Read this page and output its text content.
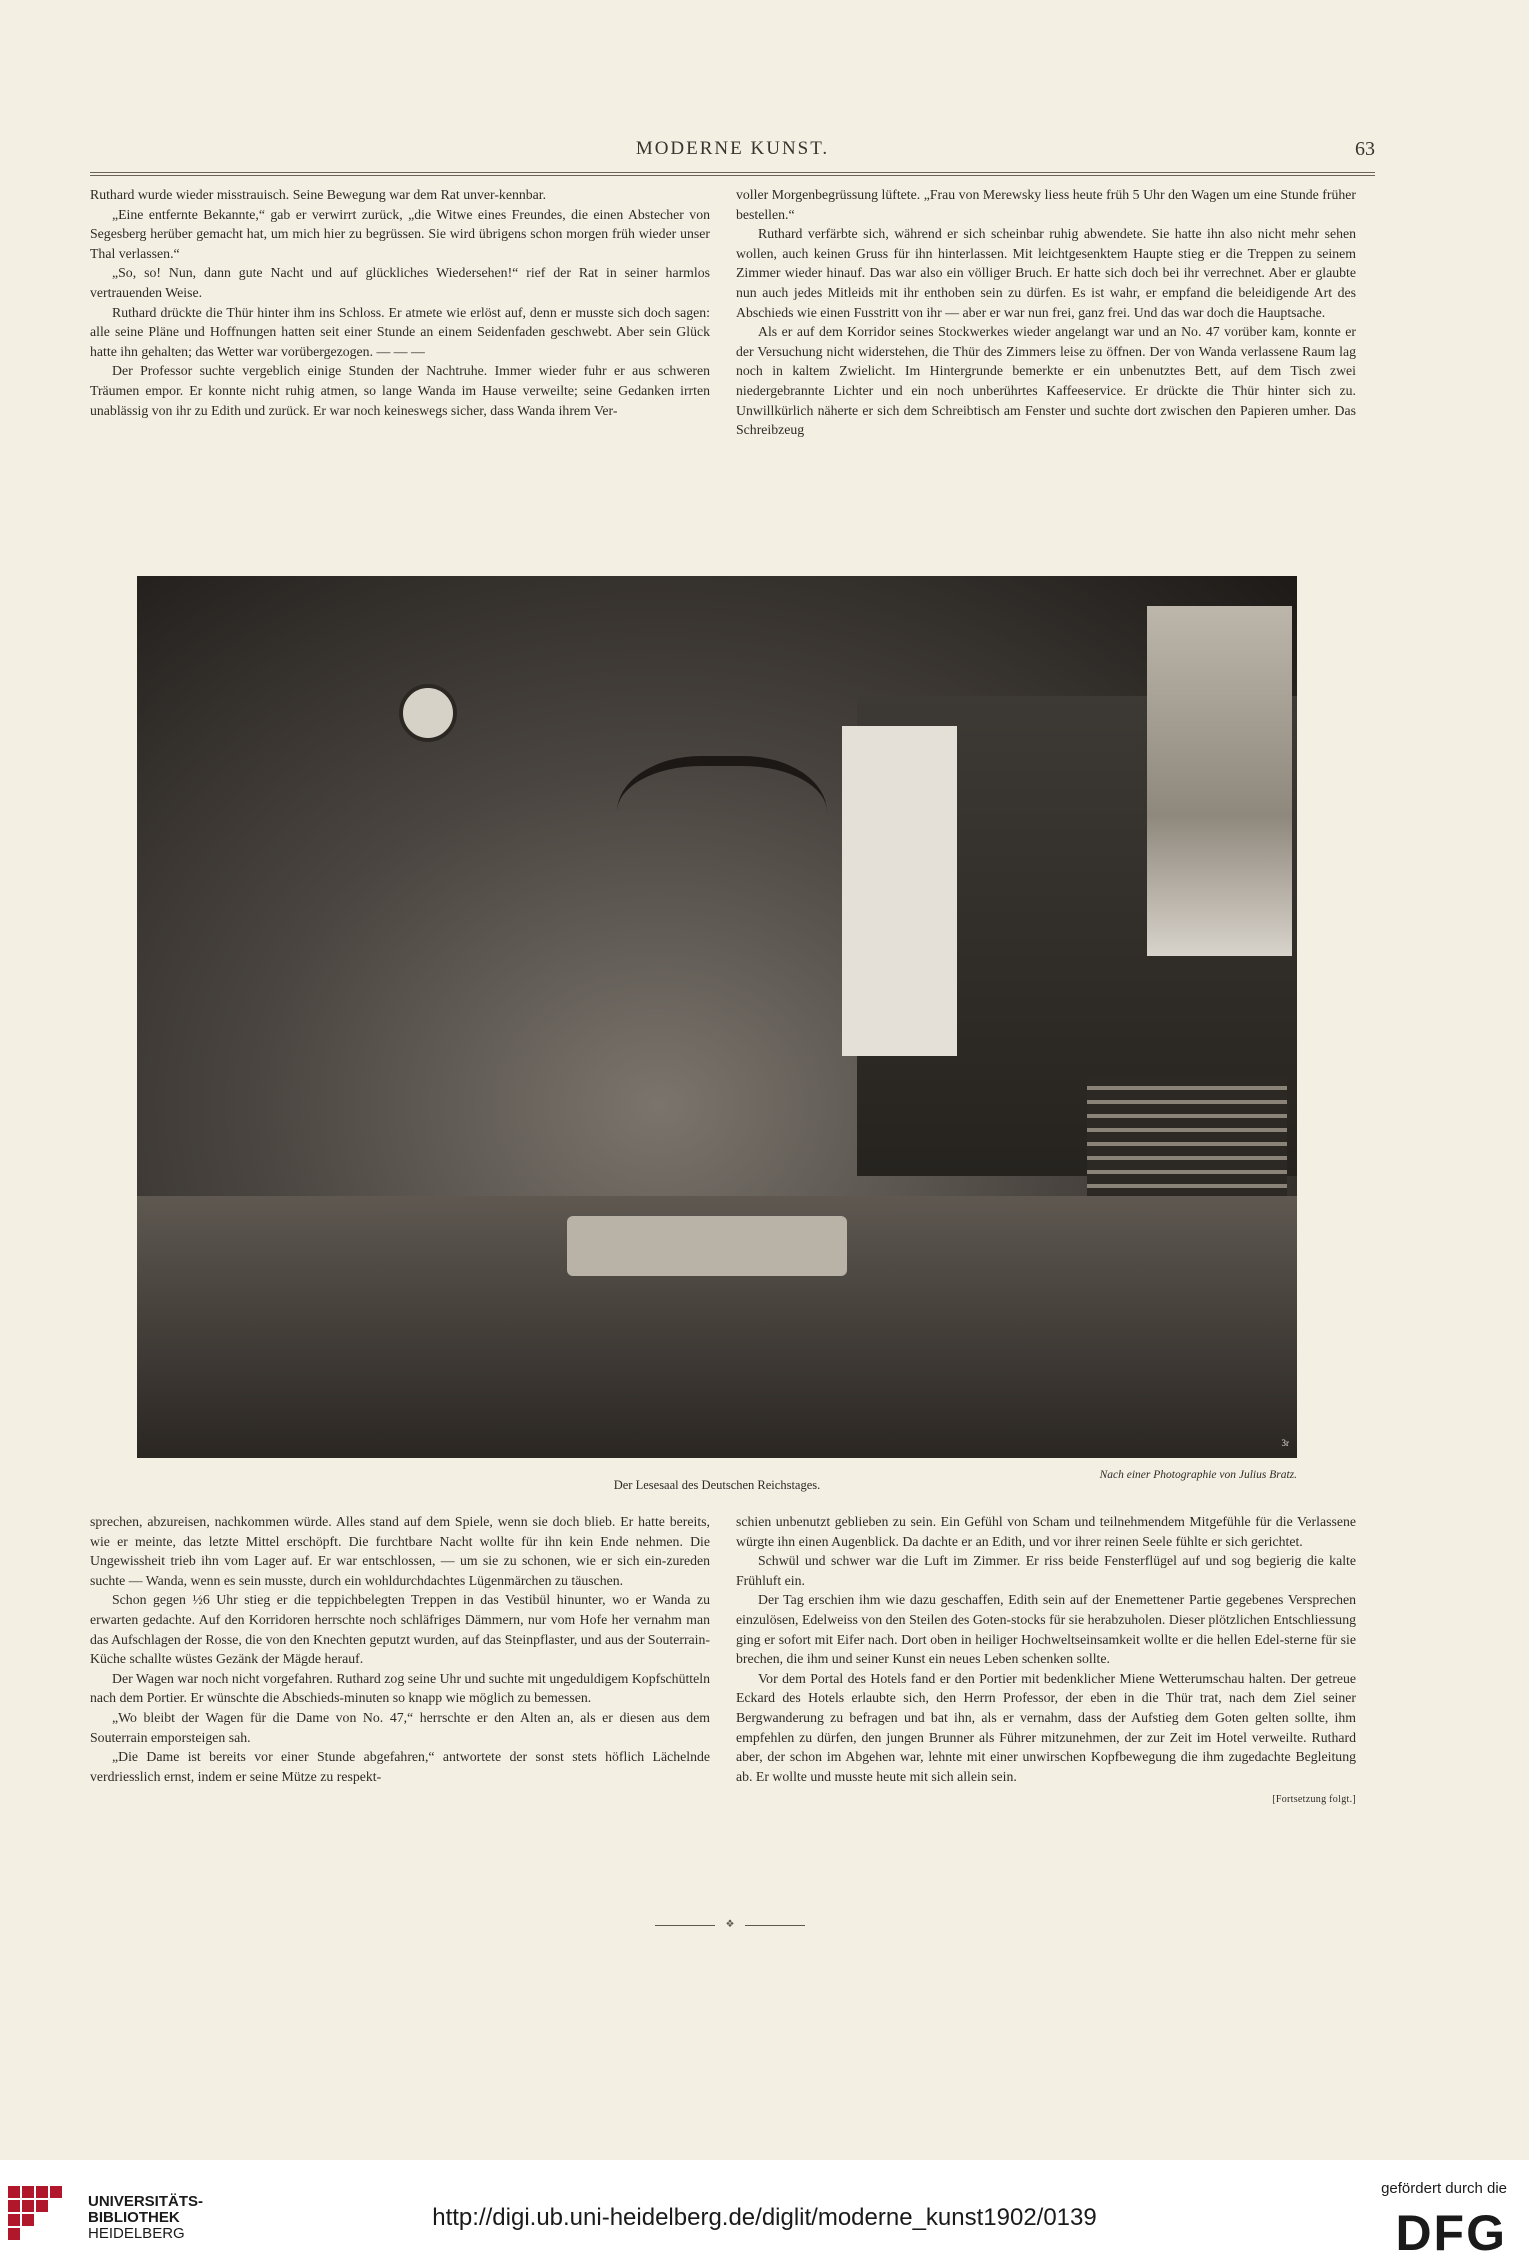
MODERNE KUNST.	63

Ruthard wurde wieder misstrauisch. Seine Bewegung war dem Rat unver-kennbar.

„Eine entfernte Bekannte,“ gab er verwirrt zurück, „die Witwe eines Freundes, die einen Abstecher von Segesberg herüber gemacht hat, um mich hier zu begrüssen. Sie wird übrigens schon morgen früh wieder unser Thal verlassen.“

„So, so! Nun, dann gute Nacht und auf glückliches Wiedersehen!“ rief der Rat in seiner harmlos vertrauenden Weise.

Ruthard drückte die Thür hinter ihm ins Schloss. Er atmete wie erlöst auf, denn er musste sich doch sagen: alle seine Pläne und Hoffnungen hatten seit einer Stunde an einem Seidenfaden geschwebt. Aber sein Glück hatte ihn gehalten; das Wetter war vorübergezogen. — — —

Der Professor suchte vergeblich einige Stunden der Nachtruhe. Immer wieder fuhr er aus schweren Träumen empor. Er konnte nicht ruhig atmen, so lange Wanda im Hause verweilte; seine Gedanken irrten unablässig von ihr zu Edith und zurück. Er war noch keineswegs sicher, dass Wanda ihrem Ver-

voller Morgenbegrüssung lüftete. „Frau von Merewsky liess heute früh 5 Uhr den Wagen um eine Stunde früher bestellen.“

Ruthard verfärbte sich, während er sich scheinbar ruhig abwendete. Sie hatte ihn also nicht mehr sehen wollen, auch keinen Gruss für ihn hinterlassen. Mit leichtgesenktem Haupte stieg er die Treppen zu seinem Zimmer wieder hinauf. Das war also ein völliger Bruch. Er hatte sich doch bei ihr verrechnet. Aber er glaubte nun auch jedes Mitleids mit ihr enthoben sein zu dürfen. Es ist wahr, er empfand die beleidigende Art des Abschieds wie einen Fusstritt von ihr — aber er war nun frei, ganz frei. Und das war doch die Hauptsache.

Als er auf dem Korridor seines Stockwerkes wieder angelangt war und an No. 47 vorüber kam, konnte er der Versuchung nicht widerstehen, die Thür des Zimmers leise zu öffnen. Der von Wanda verlassene Raum lag noch in kaltem Zwielicht. Im Hintergrunde bemerkte er ein unbenutztes Bett, auf dem Tisch zwei niedergebrannte Lichter und ein noch unberührtes Kaffeeservice. Er drückte die Thür hinter sich zu. Unwillkürlich näherte er sich dem Schreibtisch am Fenster und suchte dort zwischen den Papieren umher. Das Schreibzeug

3r
Der Lesesaal des Deutschen Reichstages.
Nach einer Photographie von Julius Bratz.

sprechen, abzureisen, nachkommen würde. Alles stand auf dem Spiele, wenn sie doch blieb. Er hatte bereits, wie er meinte, das letzte Mittel erschöpft. Die furchtbare Nacht wollte für ihn kein Ende nehmen. Die Ungewissheit trieb ihn vom Lager auf. Er war entschlossen, — um sie zu schonen, wie er sich ein-zureden suchte — Wanda, wenn es sein musste, durch ein wohldurchdachtes Lügenmärchen zu täuschen.

Schon gegen ½6 Uhr stieg er die teppichbelegten Treppen in das Vestibül hinunter, wo er Wanda zu erwarten gedachte. Auf den Korridoren herrschte noch schläfriges Dämmern, nur vom Hofe her vernahm man das Aufschlagen der Rosse, die von den Knechten geputzt wurden, auf das Steinpflaster, und aus der Souterrain-Küche schallte wüstes Gezänk der Mägde herauf.

Der Wagen war noch nicht vorgefahren. Ruthard zog seine Uhr und suchte mit ungeduldigem Kopfschütteln nach dem Portier. Er wünschte die Abschieds-minuten so knapp wie möglich zu bemessen.

„Wo bleibt der Wagen für die Dame von No. 47,“ herrschte er den Alten an, als er diesen aus dem Souterrain emporsteigen sah.

„Die Dame ist bereits vor einer Stunde abgefahren,“ antwortete der sonst stets höflich Lächelnde verdriesslich ernst, indem er seine Mütze zu respekt-

schien unbenutzt geblieben zu sein. Ein Gefühl von Scham und teilnehmendem Mitgefühle für die Verlassene würgte ihn einen Augenblick. Da dachte er an Edith, und vor ihrer reinen Seele fühlte er sich gerichtet.

Schwül und schwer war die Luft im Zimmer. Er riss beide Fensterflügel auf und sog begierig die kalte Frühluft ein.

Der Tag erschien ihm wie dazu geschaffen, Edith sein auf der Enemettener Partie gegebenes Versprechen einzulösen, Edelweiss von den Steilen des Goten-stocks für sie herabzuholen. Dieser plötzlichen Entschliessung ging er sofort mit Eifer nach. Dort oben in heiliger Hochweltseinsamkeit wollte er die hellen Edel-sterne für sie brechen, die ihm und seiner Kunst ein neues Leben schenken sollte.

Vor dem Portal des Hotels fand er den Portier mit bedenklicher Miene Wetterumschau halten. Der getreue Eckard des Hotels erlaubte sich, den Herrn Professor, der eben in die Thür trat, nach dem Ziel seiner Bergwanderung zu befragen und bat ihn, als er vernahm, dass der Aufstieg dem Goten gelten sollte, ihm empfehlen zu dürfen, den jungen Brunner als Führer mitzunehmen, der zur Zeit im Hotel verweilte. Ruthard aber, der schon im Abgehen war, lehnte mit einer unwirschen Kopfbewegung die ihm zugedachte Begleitung ab. Er wollte und musste heute mit sich allein sein.

[Fortsetzung folgt.]
❖
UNIVERSITÄTS-
BIBLIOTHEK
HEIDELBERG
http://digi.ub.uni-heidelberg.de/diglit/moderne_kunst1902/0139
gefördert durch die
DFG
